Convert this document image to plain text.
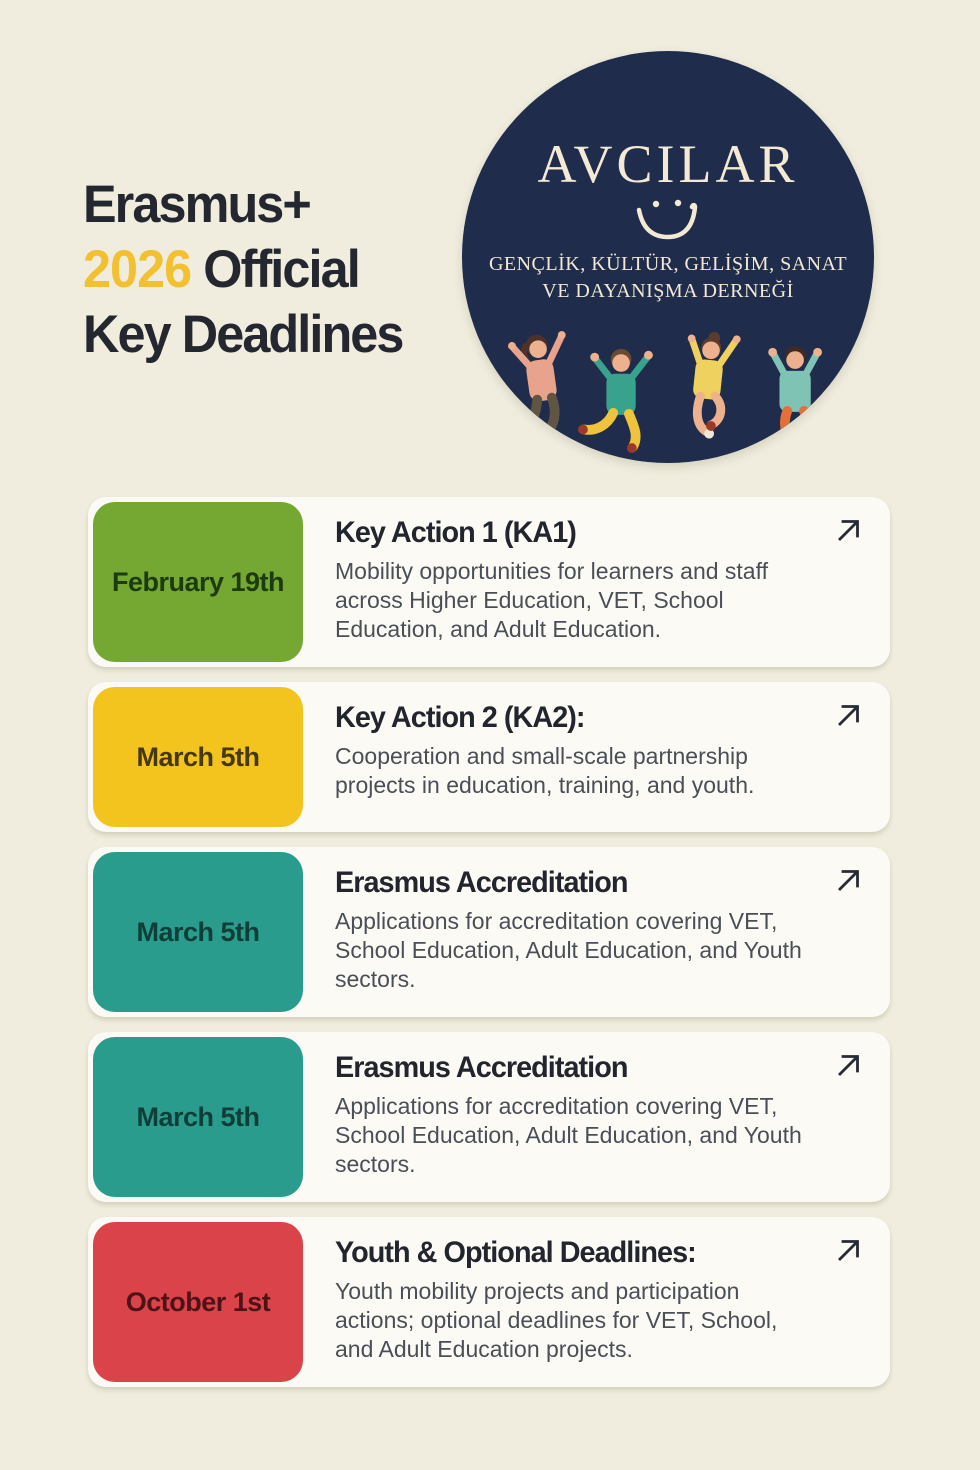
Erasmus+
2026 Official
Key Deadlines
AVCILAR
GENÇLİK, KÜLTÜR, GELİŞİM, SANAT
VE DAYANIŞMA DERNEĞİ
February 19th
Key Action 1 (KA1)
Mobility opportunities for learners and staff across Higher Education, VET, School Education, and Adult Education.
March 5th
Key Action 2 (KA2):
Cooperation and small-scale partnership projects in education, training, and youth.
March 5th
Erasmus Accreditation
Applications for accreditation covering VET, School Education, Adult Education, and Youth sectors.
March 5th
Erasmus Accreditation
Applications for accreditation covering VET, School Education, Adult Education, and Youth sectors.
October 1st
Youth & Optional Deadlines:
Youth mobility projects and participation actions; optional deadlines for VET, School, and Adult Education projects.
